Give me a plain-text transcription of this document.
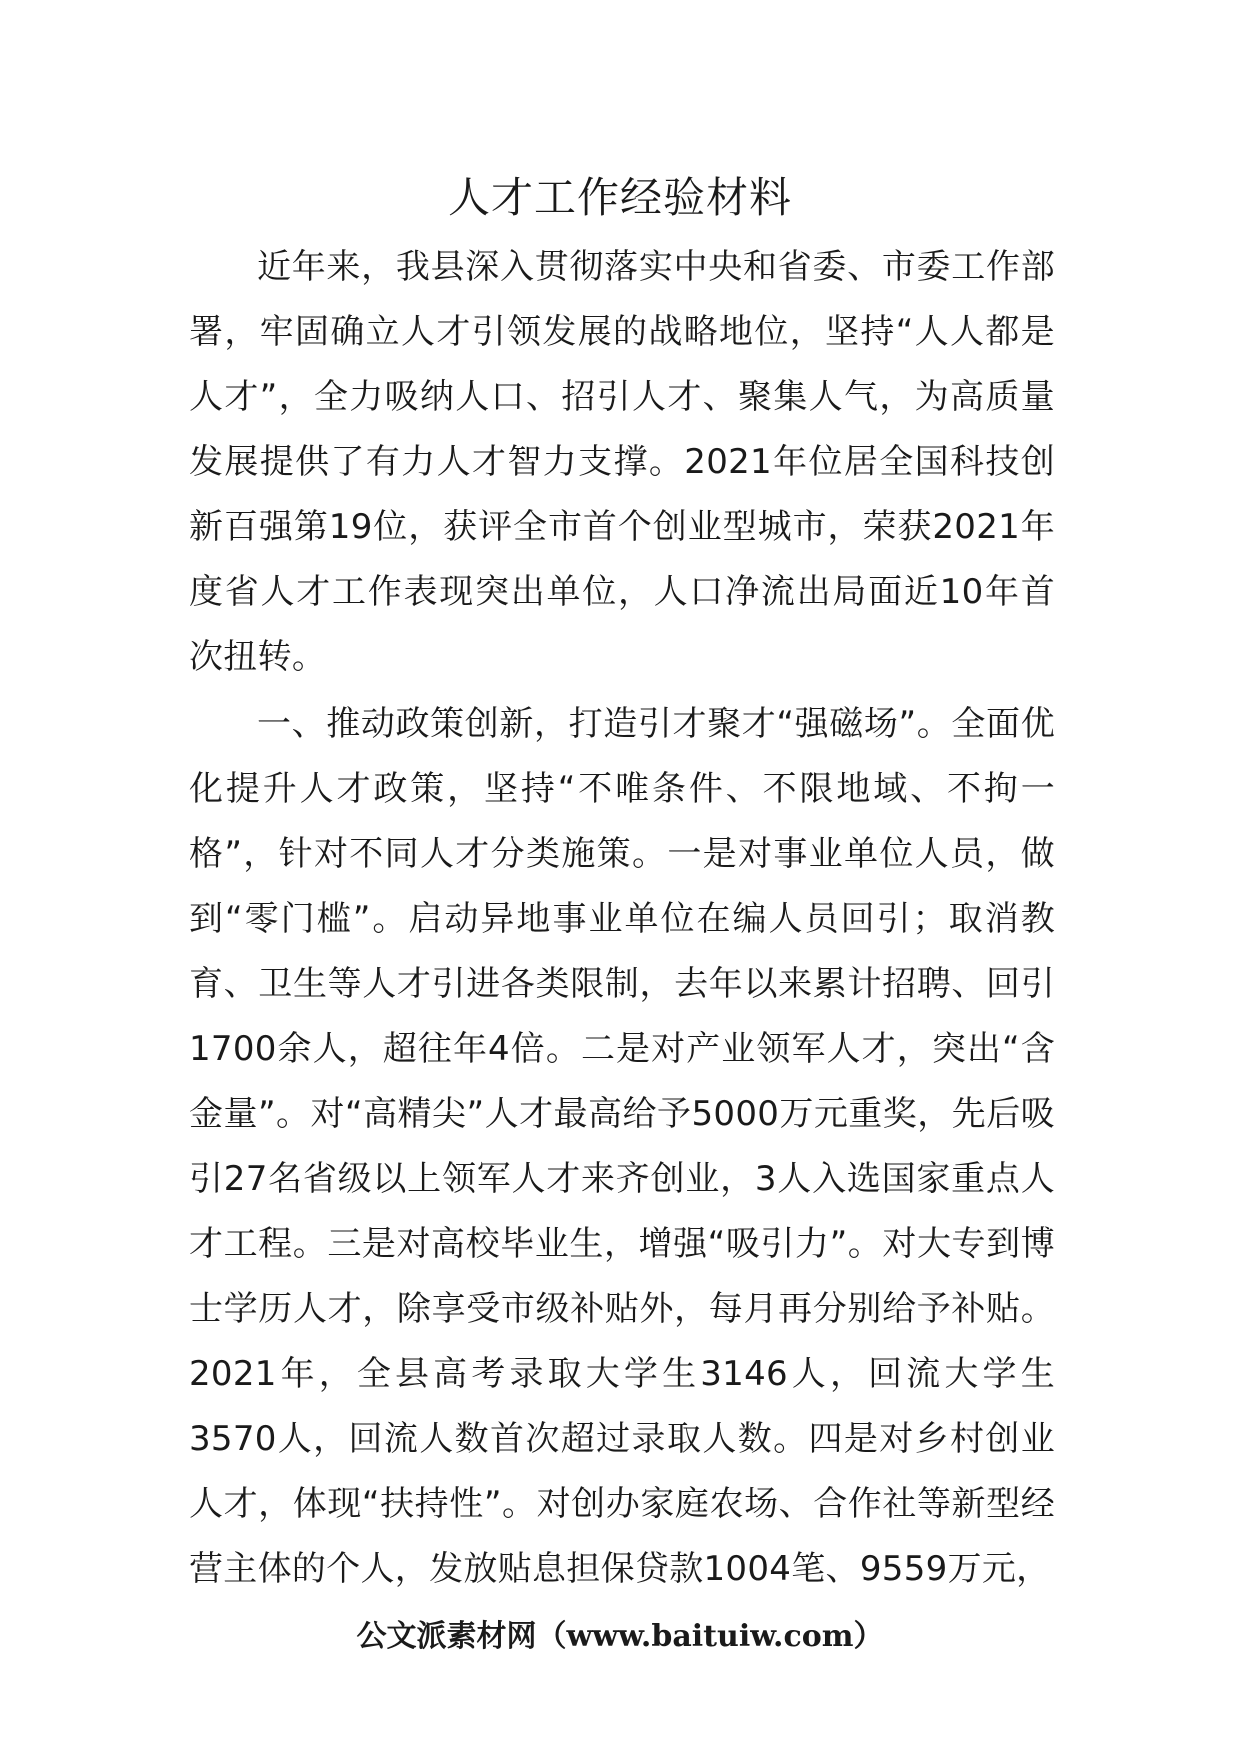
人才工作经验材料

近年来，我县深入贯彻落实中央和省委、市委工作部署，牢固确立人才引领发展的战略地位，坚持“人人都是人才”，全力吸纳人口、招引人才、聚集人气，为高质量发展提供了有力人才智力支撑。2021年位居全国科技创新百强第19位，获评全市首个创业型城市，荣获2021年度省人才工作表现突出单位，人口净流出局面近10年首次扭转。

一、推动政策创新，打造引才聚才“强磁场”。全面优化提升人才政策，坚持“不唯条件、不限地域、不拘一格”，针对不同人才分类施策。一是对事业单位人员，做到“零门槛”。启动异地事业单位在编人员回引；取消教育、卫生等人才引进各类限制，去年以来累计招聘、回引1700余人，超往年4倍。二是对产业领军人才，突出“含金量”。对“高精尖”人才最高给予5000万元重奖，先后吸引27名省级以上领军人才来齐创业，3人入选国家重点人才工程。三是对高校毕业生，增强“吸引力”。对大专到博士学历人才，除享受市级补贴外，每月再分别给予补贴。2021年，全县高考录取大学生3146人，回流大学生3570人，回流人数首次超过录取人数。四是对乡村创业人才，体现“扶持性”。对创办家庭农场、合作社等新型经营主体的个人，发放贴息担保贷款1004笔、9559万元，

公文派素材网（www.baituiw.com）
